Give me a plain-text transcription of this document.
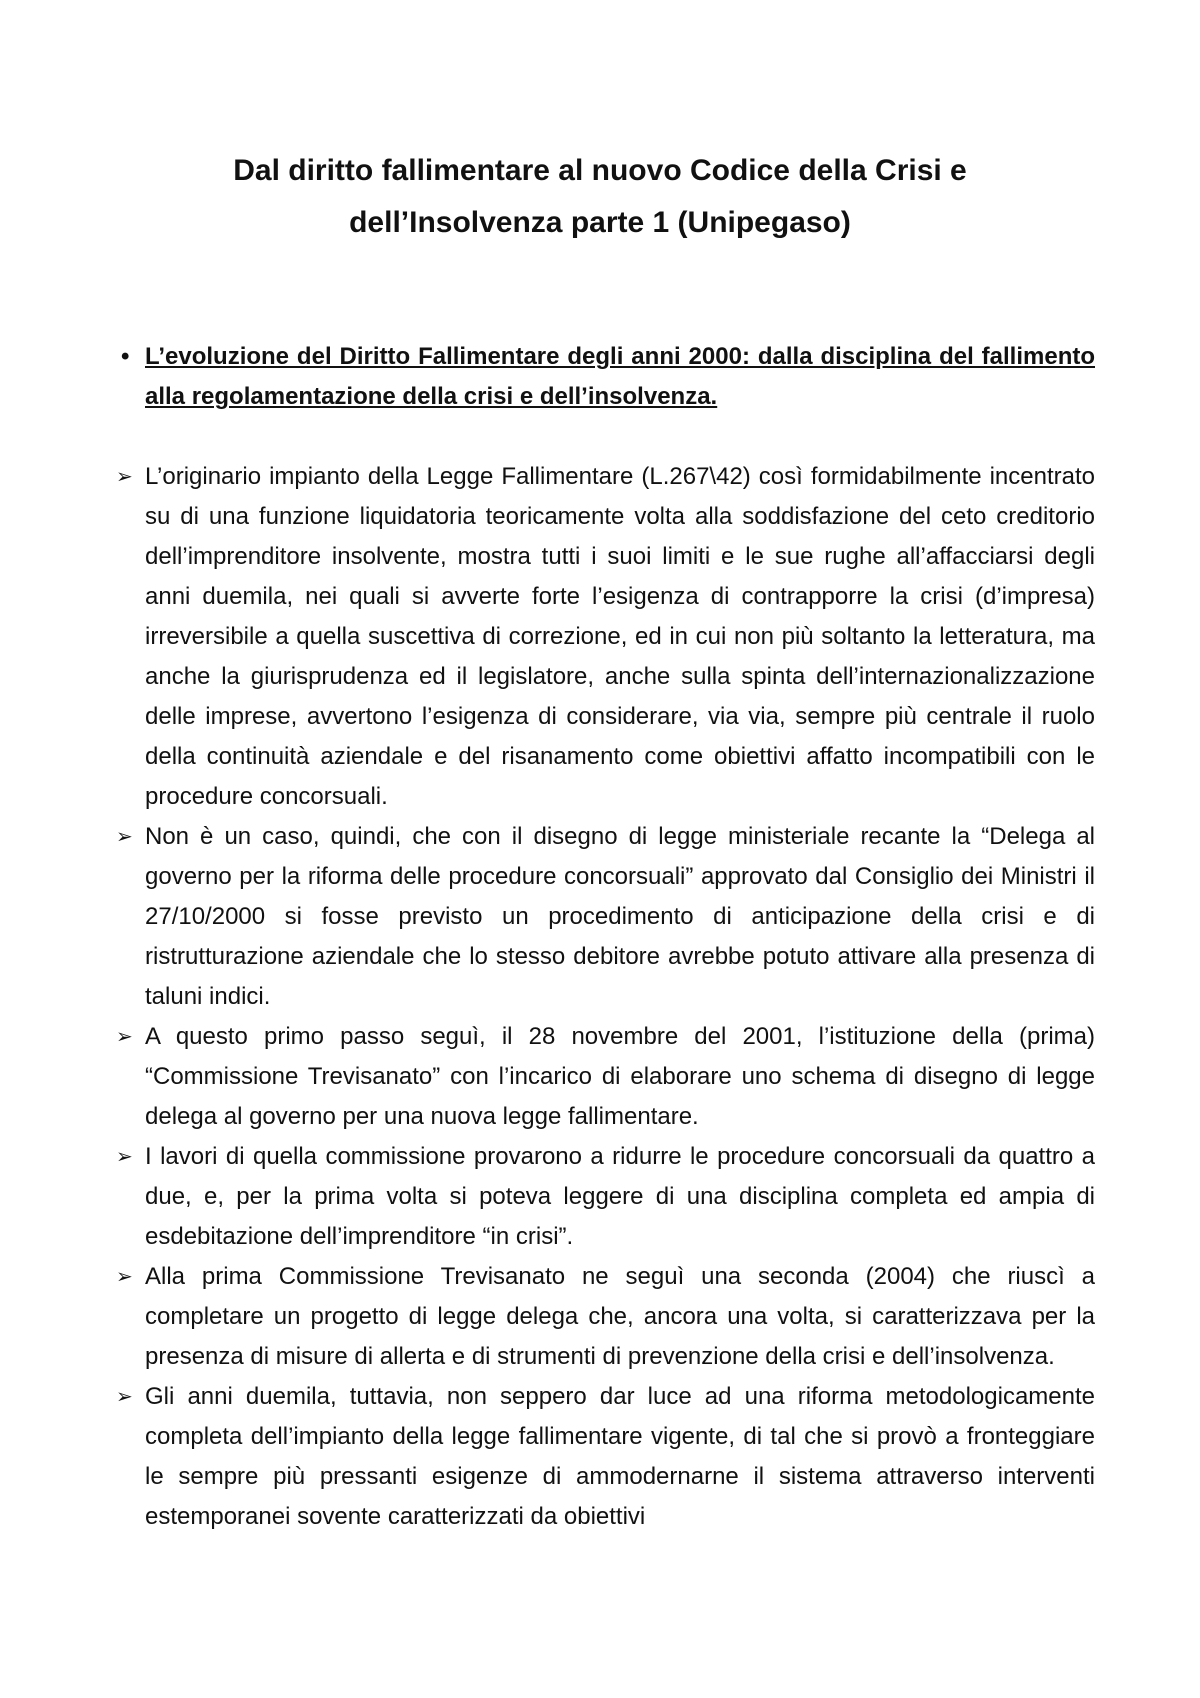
Dal diritto fallimentare al nuovo Codice della Crisi e
dell’Insolvenza parte 1 (Unipegaso)
• L’evoluzione del Diritto Fallimentare degli anni 2000: dalla disciplina del fallimento alla regolamentazione della crisi e dell’insolvenza.
➢ L’originario impianto della Legge Fallimentare (L.267\42) così formidabilmente incentrato su di una funzione liquidatoria teoricamente volta alla soddisfazione del ceto creditorio dell’imprenditore insolvente, mostra tutti i suoi limiti e le sue rughe all’affacciarsi degli anni duemila, nei quali si avverte forte l’esigenza di contrapporre la crisi (d’impresa) irreversibile a quella suscettiva di correzione, ed in cui non più soltanto la letteratura, ma anche la giurisprudenza ed il legislatore, anche sulla spinta dell’internazionalizzazione delle imprese, avvertono l’esigenza di considerare, via via, sempre più centrale il ruolo della continuità aziendale e del risanamento come obiettivi affatto incompatibili con le procedure concorsuali.
➢ Non è un caso, quindi, che con il disegno di legge ministeriale recante la “Delega al governo per la riforma delle procedure concorsuali” approvato dal Consiglio dei Ministri il 27/10/2000 si fosse previsto un procedimento di anticipazione della crisi e di ristrutturazione aziendale che lo stesso debitore avrebbe potuto attivare alla presenza di taluni indici.
➢ A questo primo passo seguì, il 28 novembre del 2001, l’istituzione della (prima) “Commissione Trevisanato” con l’incarico di elaborare uno schema di disegno di legge delega al governo per una nuova legge fallimentare.
➢ I lavori di quella commissione provarono a ridurre le procedure concorsuali da quattro a due, e, per la prima volta si poteva leggere di una disciplina completa ed ampia di esdebitazione dell’imprenditore “in crisi”.
➢ Alla prima Commissione Trevisanato ne seguì una seconda (2004) che riuscì a completare un progetto di legge delega che, ancora una volta, si caratterizzava per la presenza di misure di allerta e di strumenti di prevenzione della crisi e dell’insolvenza.
➢ Gli anni duemila, tuttavia, non seppero dar luce ad una riforma metodologicamente completa dell’impianto della legge fallimentare vigente, di tal che si provò a fronteggiare le sempre più pressanti esigenze di ammodernarne il sistema attraverso interventi estemporanei sovente caratterizzati da obiettivi
